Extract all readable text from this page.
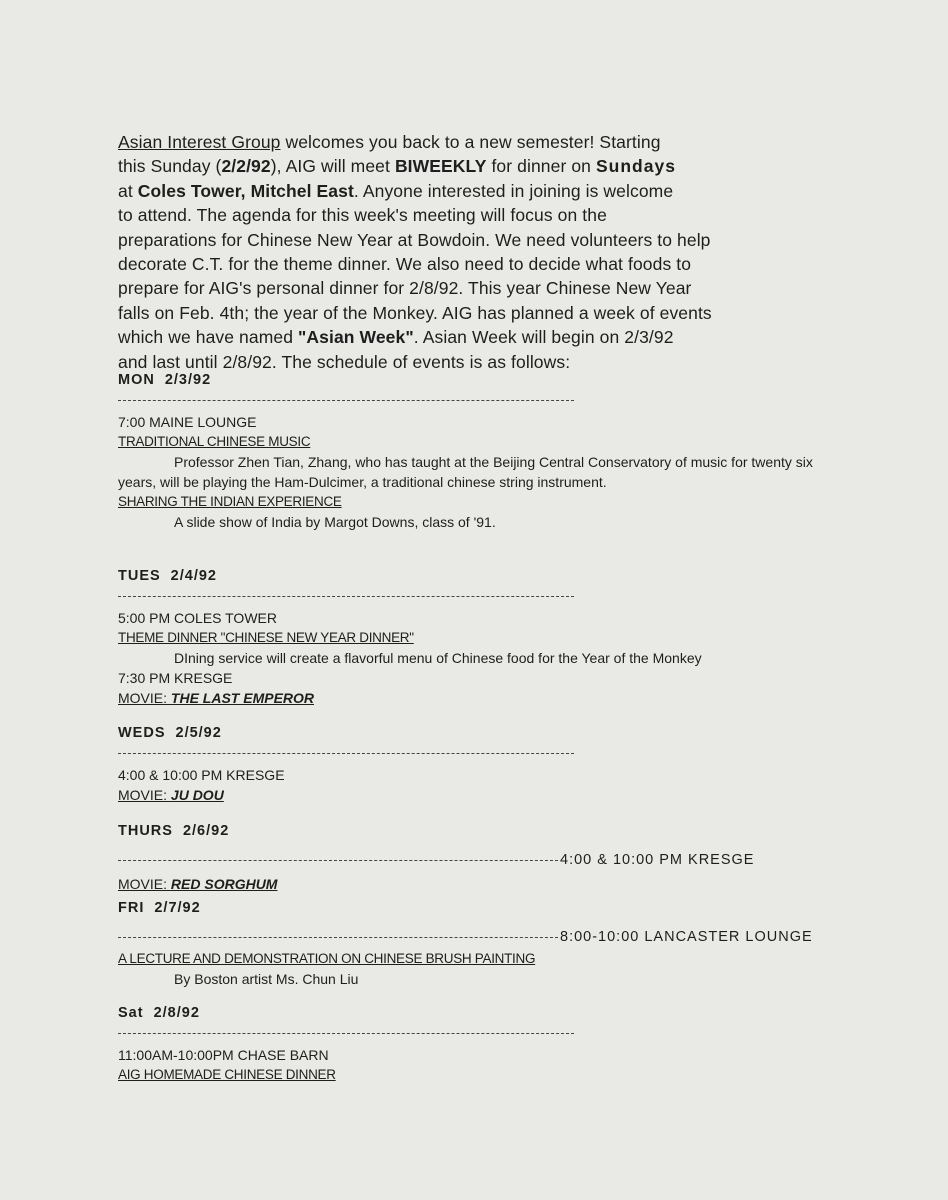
Asian Interest Group welcomes you back to a new semester! Starting
this Sunday (2/2/92), AIG will meet BIWEEKLY for dinner on Sundays
at Coles Tower, Mitchel East. Anyone interested in joining is welcome
to attend. The agenda for this week's meeting will focus on the
preparations for Chinese New Year at Bowdoin. We need volunteers to help
decorate C.T. for the theme dinner. We also need to decide what foods to
prepare for AIG's personal dinner for 2/8/92. This year Chinese New Year
falls on Feb. 4th; the year of the Monkey. AIG has planned a week of events
which we have named "Asian Week". Asian Week will begin on 2/3/92
and last until 2/8/92. The schedule of events is as follows:
MON 2/3/92
7:00 MAINE LOUNGE
TRADITIONAL CHINESE MUSIC
Professor Zhen Tian, Zhang, who has taught at the Beijing Central Conservatory of music for twenty six years, will be playing the Ham-Dulcimer, a traditional chinese string instrument.
SHARING THE INDIAN EXPERIENCE
A slide show of India by Margot Downs, class of '91.
TUES 2/4/92
5:00 PM COLES TOWER
THEME DINNER "CHINESE NEW YEAR DINNER"
DIning service will create a flavorful menu of Chinese food for the Year of the Monkey
7:30 PM KRESGE
MOVIE: THE LAST EMPEROR
WEDS 2/5/92
4:00 & 10:00 PM KRESGE
MOVIE: JU DOU
THURS 2/6/92
4:00 & 10:00 PM KRESGE
MOVIE: RED SORGHUM
FRI 2/7/92
8:00-10:00 LANCASTER LOUNGE
A LECTURE AND DEMONSTRATION ON CHINESE BRUSH PAINTING
By Boston artist Ms. Chun Liu
Sat 2/8/92
11:00AM-10:00PM CHASE BARN
AIG HOMEMADE CHINESE DINNER
